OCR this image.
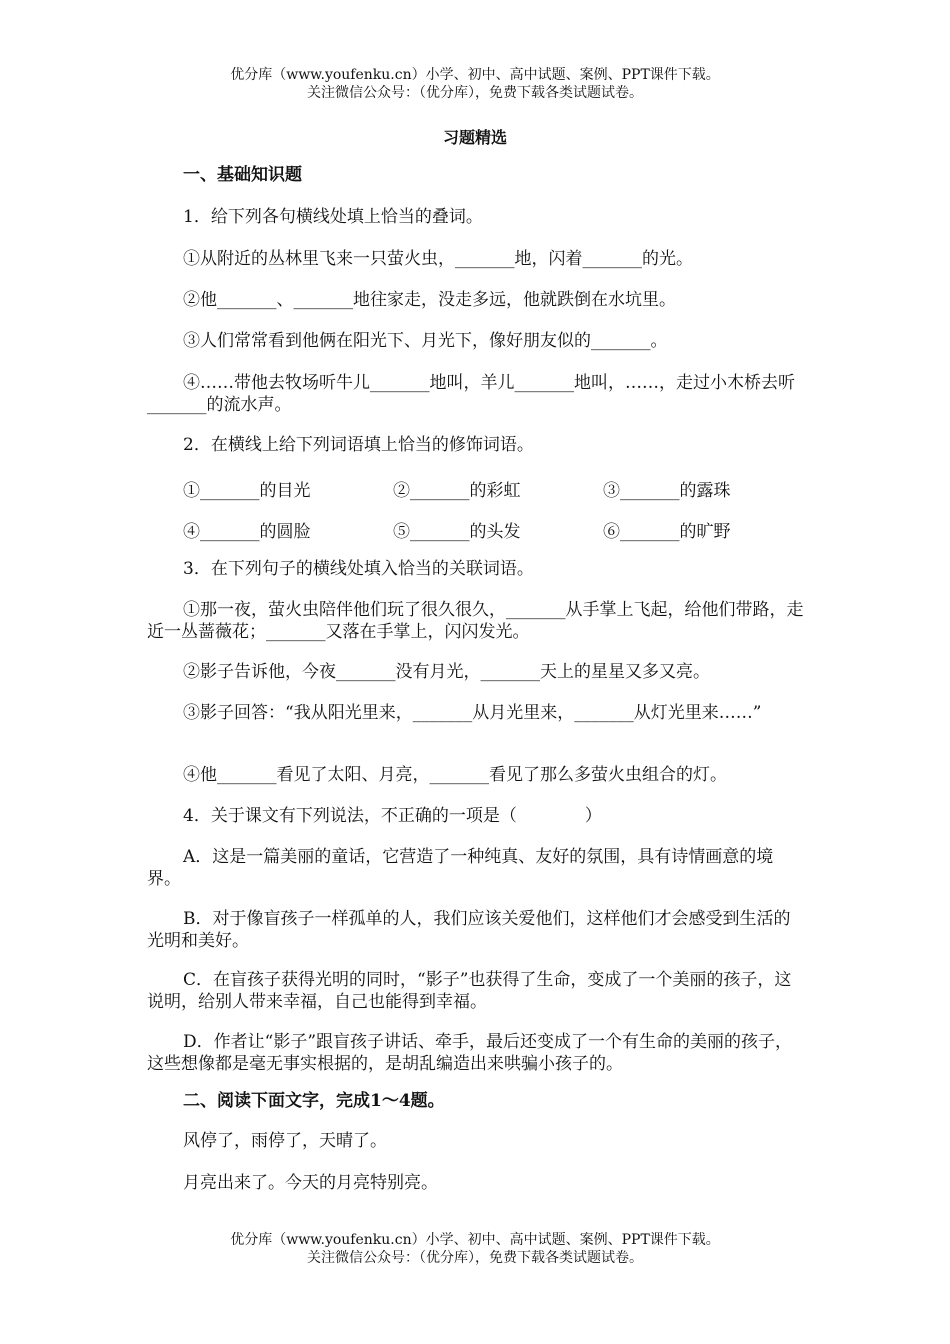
优分库（www.youfenku.cn）小学、初中、高中试题、案例、PPT课件下载。
关注微信公众号：（优分库），免费下载各类试题试卷。
习题精选
一、基础知识题
1．给下列各句横线处填上恰当的叠词。
①从附近的丛林里飞来一只萤火虫，_______地，闪着_______的光。
②他_______、_______地往家走，没走多远，他就跌倒在水坑里。
③人们常常看到他俩在阳光下、月光下，像好朋友似的_______。
④……带他去牧场听牛儿_______地叫，羊儿_______地叫，……，走过小木桥去听_______的流水声。
2．在横线上给下列词语填上恰当的修饰词语。
①_______的目光	②_______的彩虹	③_______的露珠
④_______的圆脸	⑤_______的头发	⑥_______的旷野
3．在下列句子的横线处填入恰当的关联词语。
①那一夜，萤火虫陪伴他们玩了很久很久，_______从手掌上飞起，给他们带路，走近一丛蔷薇花；_______又落在手掌上，闪闪发光。
②影子告诉他，今夜_______没有月光，_______天上的星星又多又亮。
③影子回答：“我从阳光里来，_______从月光里来，_______从灯光里来……”
④他_______看见了太阳、月亮，_______看见了那么多萤火虫组合的灯。
4．关于课文有下列说法，不正确的一项是（　　　　）
A．这是一篇美丽的童话，它营造了一种纯真、友好的氛围，具有诗情画意的境界。
B．对于像盲孩子一样孤单的人，我们应该关爱他们，这样他们才会感受到生活的光明和美好。
C．在盲孩子获得光明的同时，“影子”也获得了生命，变成了一个美丽的孩子，这说明，给别人带来幸福，自己也能得到幸福。
D．作者让“影子”跟盲孩子讲话、牵手，最后还变成了一个有生命的美丽的孩子，这些想像都是毫无事实根据的，是胡乱编造出来哄骗小孩子的。
二、阅读下面文字，完成1～4题。
风停了，雨停了，天晴了。
月亮出来了。今天的月亮特别亮。
优分库（www.youfenku.cn）小学、初中、高中试题、案例、PPT课件下载。
关注微信公众号：（优分库），免费下载各类试题试卷。
